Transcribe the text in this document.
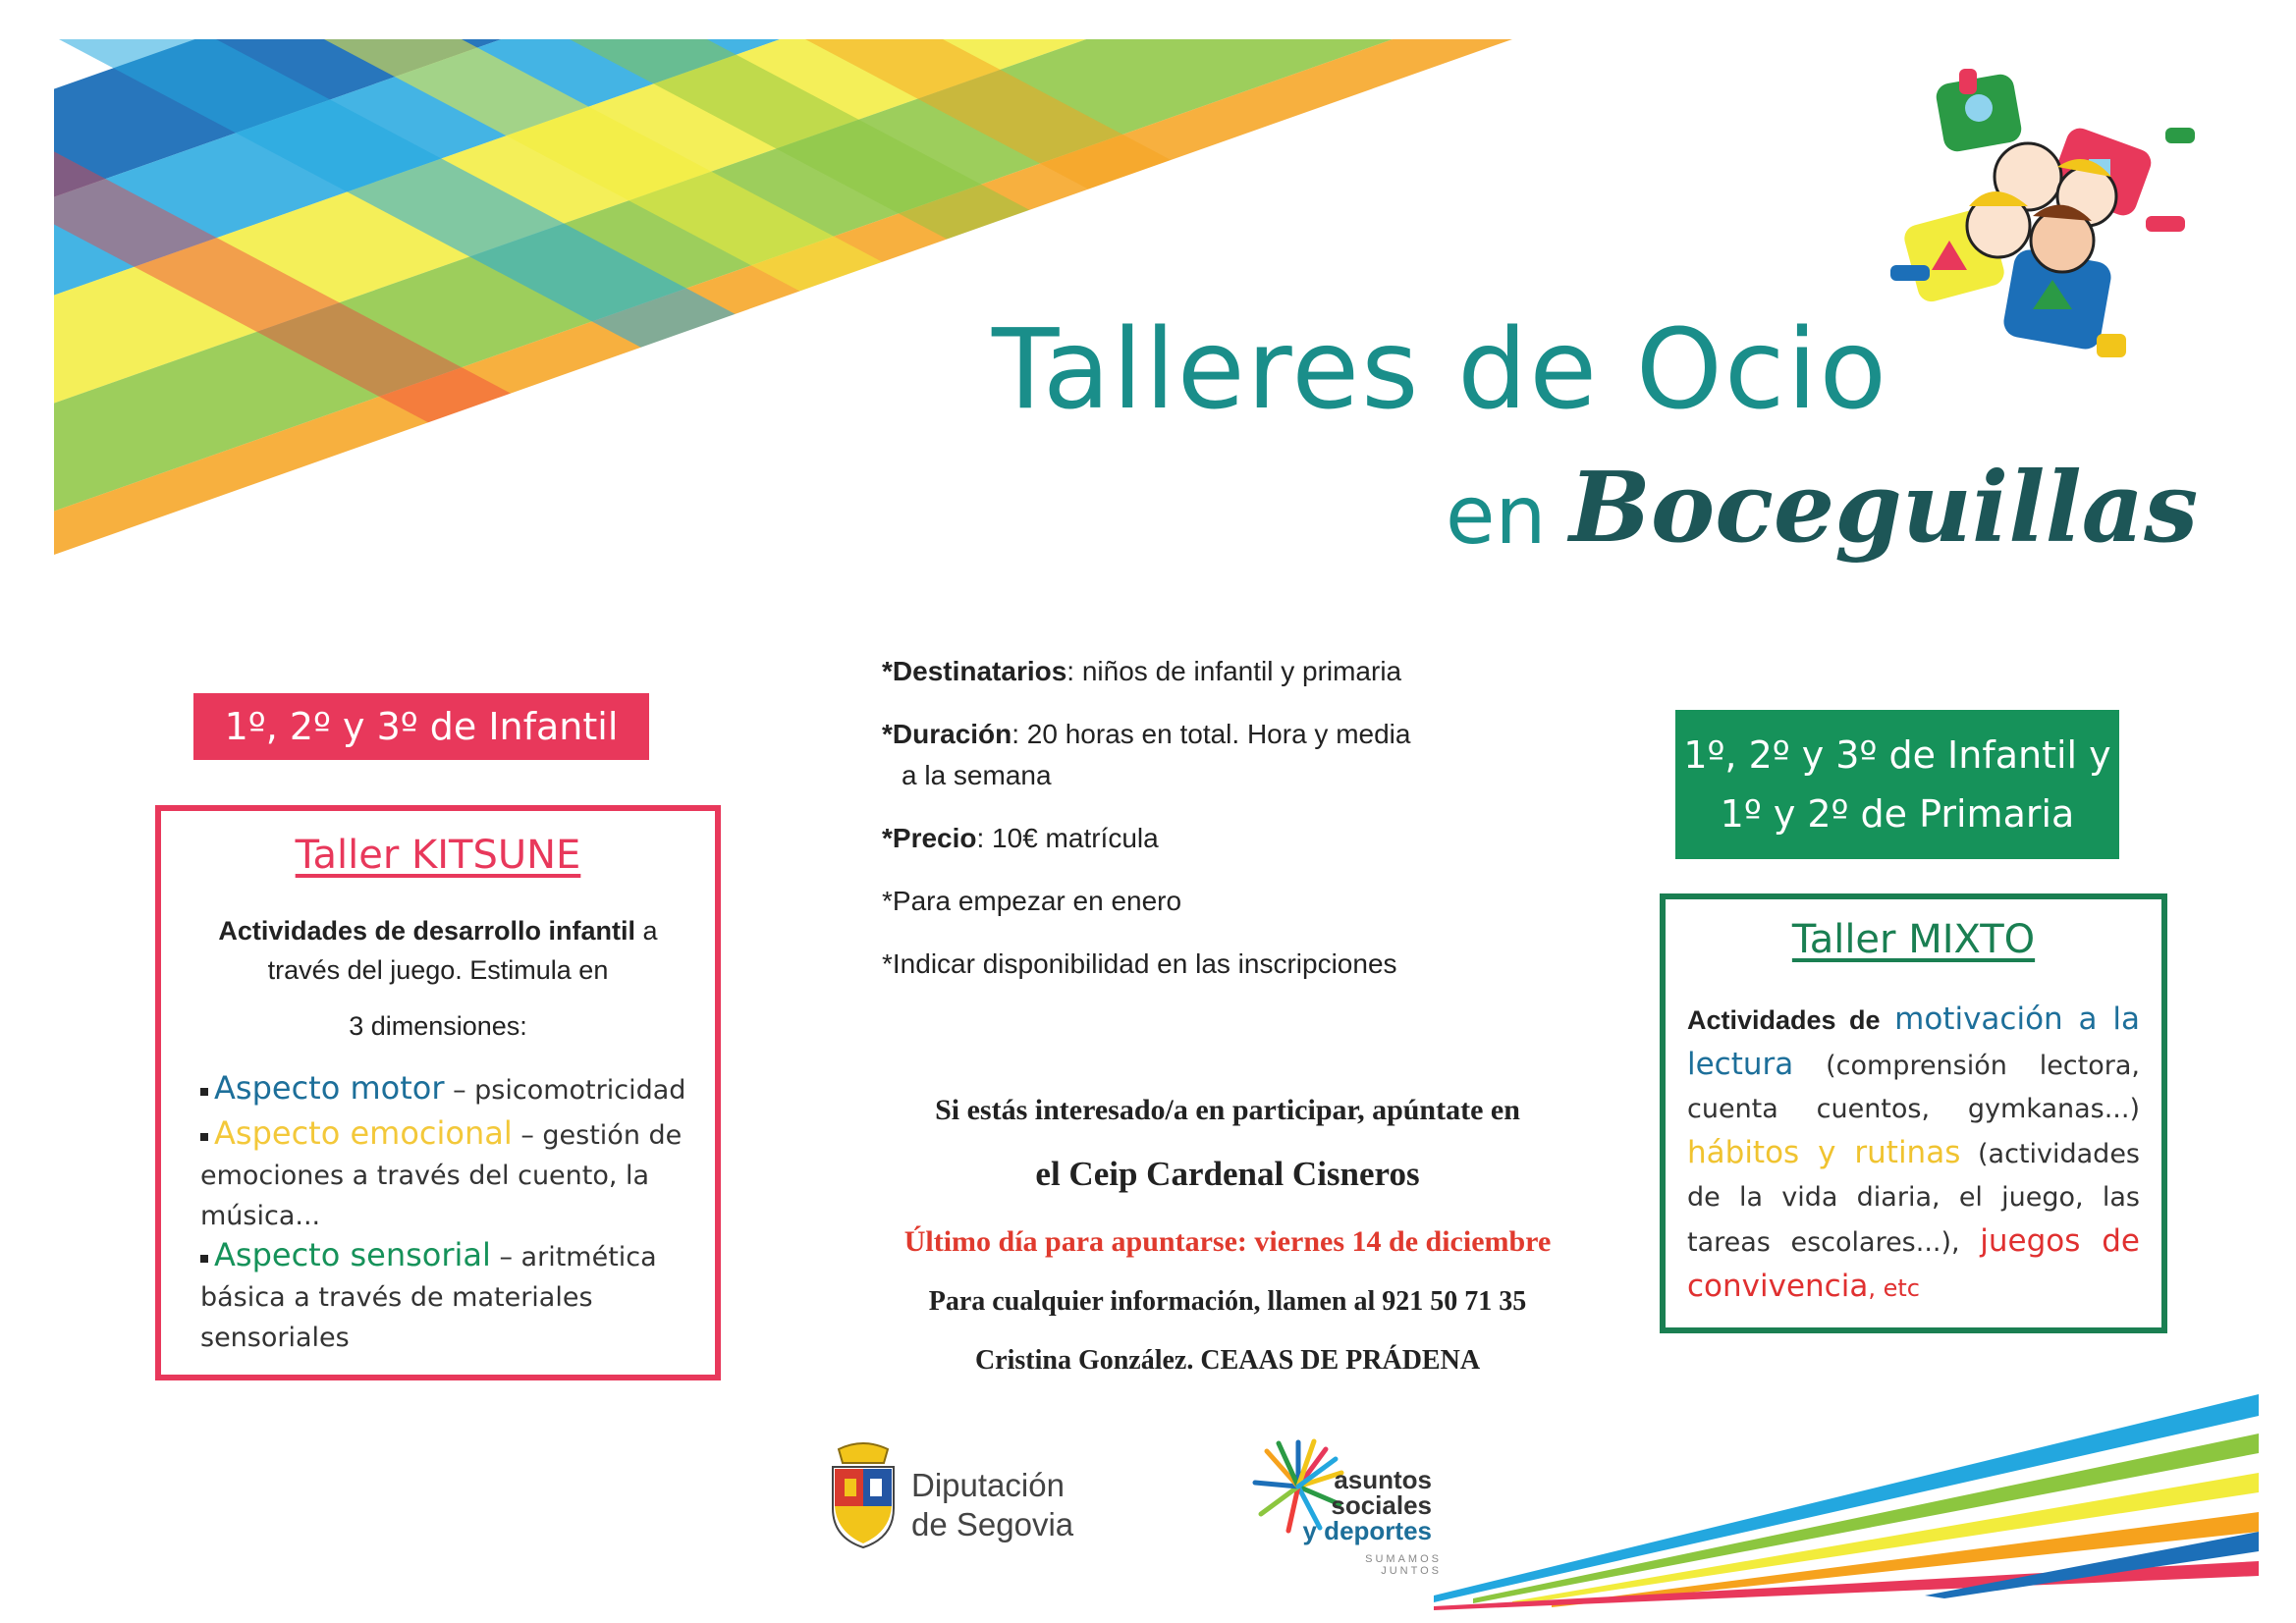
Talleres de Ocio
en Boceguillas
1º, 2º y 3º de Infantil
Taller KITSUNE
Actividades de desarrollo infantil a través del juego. Estimula en
3 dimensiones:
Aspecto motor – psicomotricidad
Aspecto emocional – gestión de emociones a través del cuento, la música...
Aspecto sensorial – aritmética básica a través de materiales sensoriales
*Destinatarios: niños de infantil y primaria
*Duración: 20 horas en total. Hora y media
a la semana
*Precio: 10€ matrícula
*Para empezar en enero
*Indicar disponibilidad en las inscripciones
Si estás interesado/a en participar, apúntate en
el Ceip Cardenal Cisneros
Último día para apuntarse: viernes 14 de diciembre
Para cualquier información, llamen al 921 50 71 35
Cristina González. CEAAS DE PRÁDENA
1º, 2º y 3º de Infantil y
1º y 2º de Primaria
Taller MIXTO
Actividades de motivación a la lectura (comprensión lectora, cuenta cuentos, gymkanas...) hábitos y rutinas (actividades de la vida diaria, el juego, las tareas escolares...), juegos de convivencia, etc
Diputación
de Segovia
asuntos
sociales
y deportes
SUMAMOS JUNTOS
